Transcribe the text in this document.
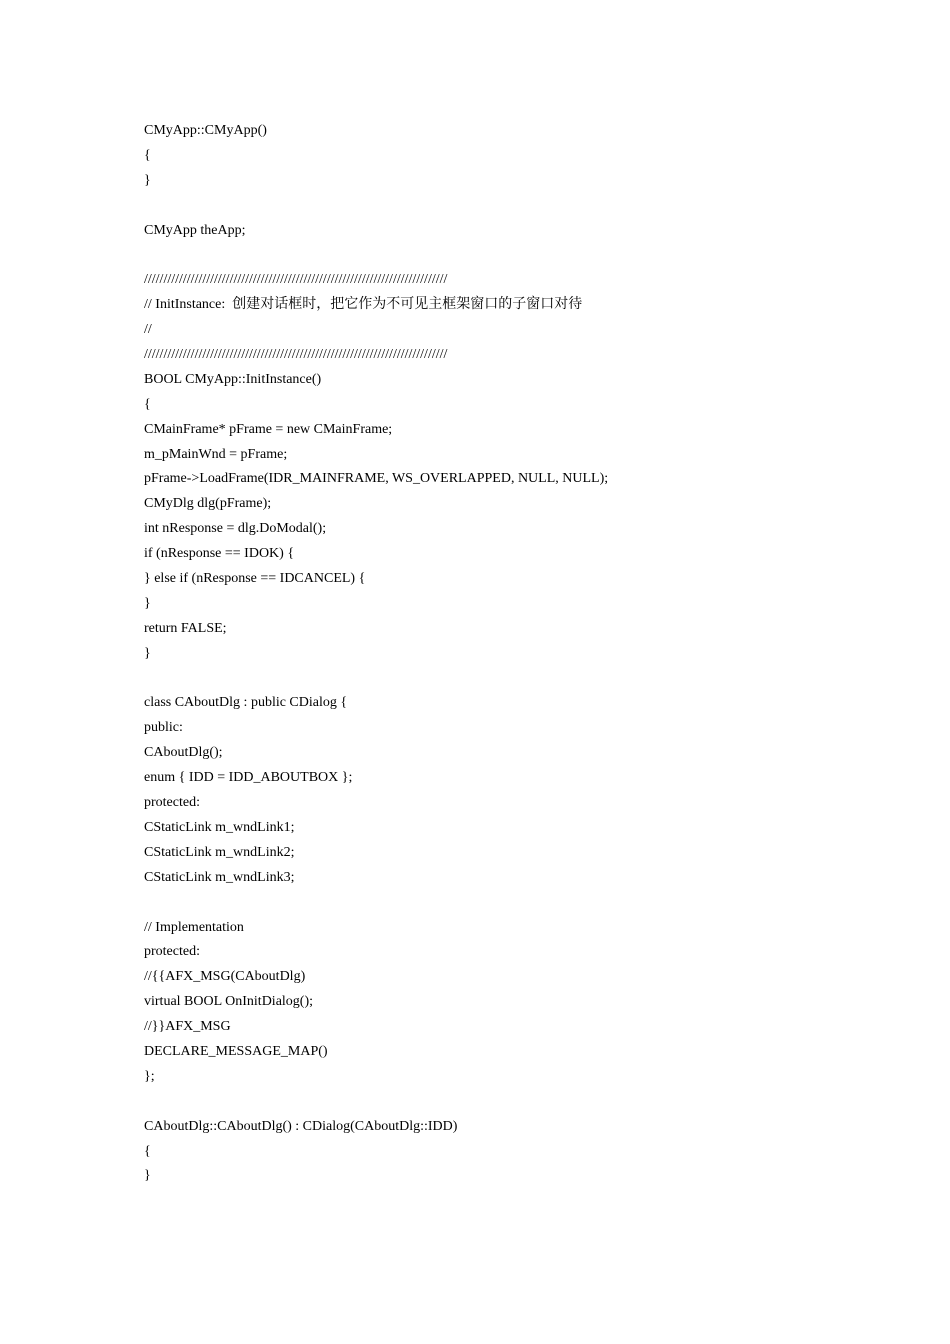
CMyApp::CMyApp()
{
}
CMyApp theApp;
//////////////////////////////////////////////////////////////////////////////
// InitInstance:  创建对话框时，把它作为不可见主框架窗口的子窗口对待
//
//////////////////////////////////////////////////////////////////////////////
BOOL CMyApp::InitInstance()
{
CMainFrame* pFrame = new CMainFrame;
m_pMainWnd = pFrame;
pFrame->LoadFrame(IDR_MAINFRAME, WS_OVERLAPPED, NULL, NULL);
CMyDlg dlg(pFrame);
int nResponse = dlg.DoModal();
if (nResponse == IDOK) {
} else if (nResponse == IDCANCEL) {
}
return FALSE;
}
class CAboutDlg : public CDialog {
public:
CAboutDlg();
enum { IDD = IDD_ABOUTBOX };
protected:
CStaticLink m_wndLink1;
CStaticLink m_wndLink2;
CStaticLink m_wndLink3;
// Implementation
protected:
//{{AFX_MSG(CAboutDlg)
virtual BOOL OnInitDialog();
//}}AFX_MSG
DECLARE_MESSAGE_MAP()
};
CAboutDlg::CAboutDlg() : CDialog(CAboutDlg::IDD)
{
}
